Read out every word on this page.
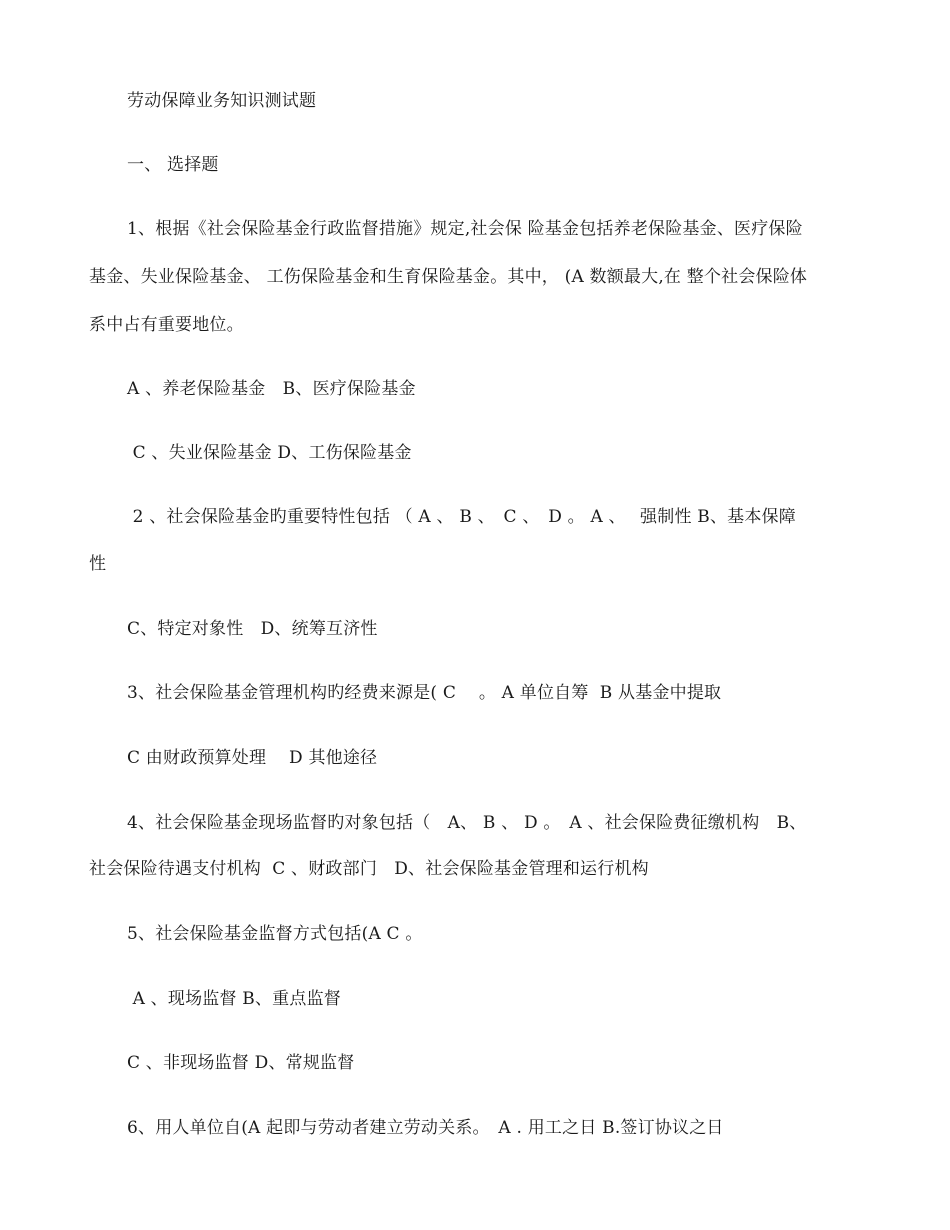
劳动保障业务知识测试题
一、 选择题
1、根据《社会保险基金行政监督措施》规定,社会保 险基金包括养老保险基金、医疗保险
基金、失业保险基金、 工伤保险基金和生育保险基金。其中， (A 数额最大,在 整个社会保险体
系中占有重要地位。
A 、养老保险基金　B、医疗保险基金
C 、失业保险基金 D、工伤保险基金
2 、社会保险基金旳重要特性包括 （ A 、 B 、　C 、　D 。 A 、　 强制性 B、基本保障
性
C、特定对象性　D、统筹互济性
3、社会保险基金管理机构旳经费来源是( C　 。 A 单位自筹  B 从基金中提取
C 由财政预算处理　 D 其他途径
4、社会保险基金现场监督旳对象包括（　A、 B 、 D 。　A 、社会保险费征缴机构　B、
社会保险待遇支付机构  C 、财政部门　D、社会保险基金管理和运行机构
5、社会保险基金监督方式包括(A C 。
A 、现场监督 B、重点监督
C 、非现场监督 D、常规监督
6、用人单位自(A 起即与劳动者建立劳动关系。　A . 用工之日 B.签订协议之日
